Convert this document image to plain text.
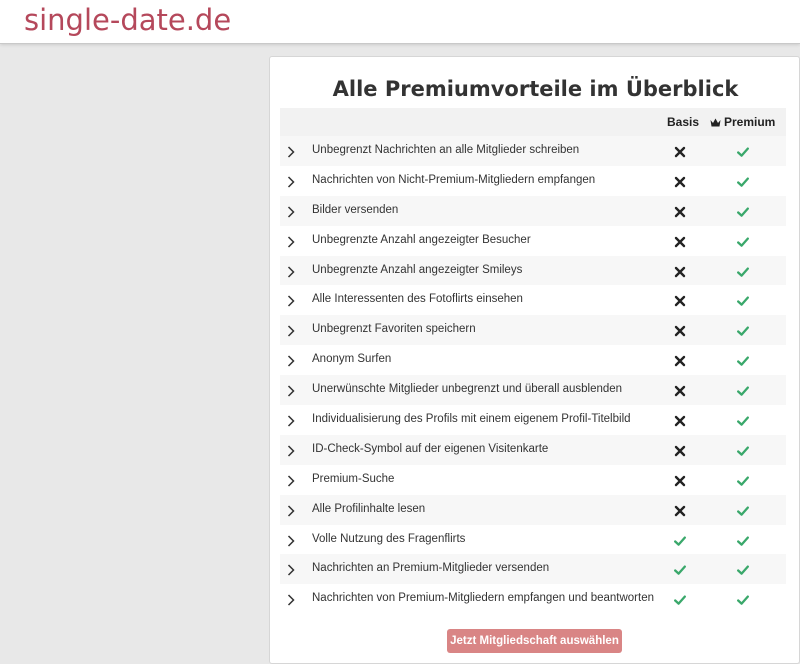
single-date.de
Alle Premiumvorteile im Überblick
Basis	Premium
Unbegrenzt Nachrichten an alle Mitglieder schreiben
Nachrichten von Nicht-Premium-Mitgliedern empfangen
Bilder versenden
Unbegrenzte Anzahl angezeigter Besucher
Unbegrenzte Anzahl angezeigter Smileys
Alle Interessenten des Fotoflirts einsehen
Unbegrenzt Favoriten speichern
Anonym Surfen
Unerwünschte Mitglieder unbegrenzt und überall ausblenden
Individualisierung des Profils mit einem eigenem Profil-Titelbild
ID-Check-Symbol auf der eigenen Visitenkarte
Premium-Suche
Alle Profilinhalte lesen
Volle Nutzung des Fragenflirts
Nachrichten an Premium-Mitglieder versenden
Nachrichten von Premium-Mitgliedern empfangen und beantworten
Jetzt Mitgliedschaft auswählen
